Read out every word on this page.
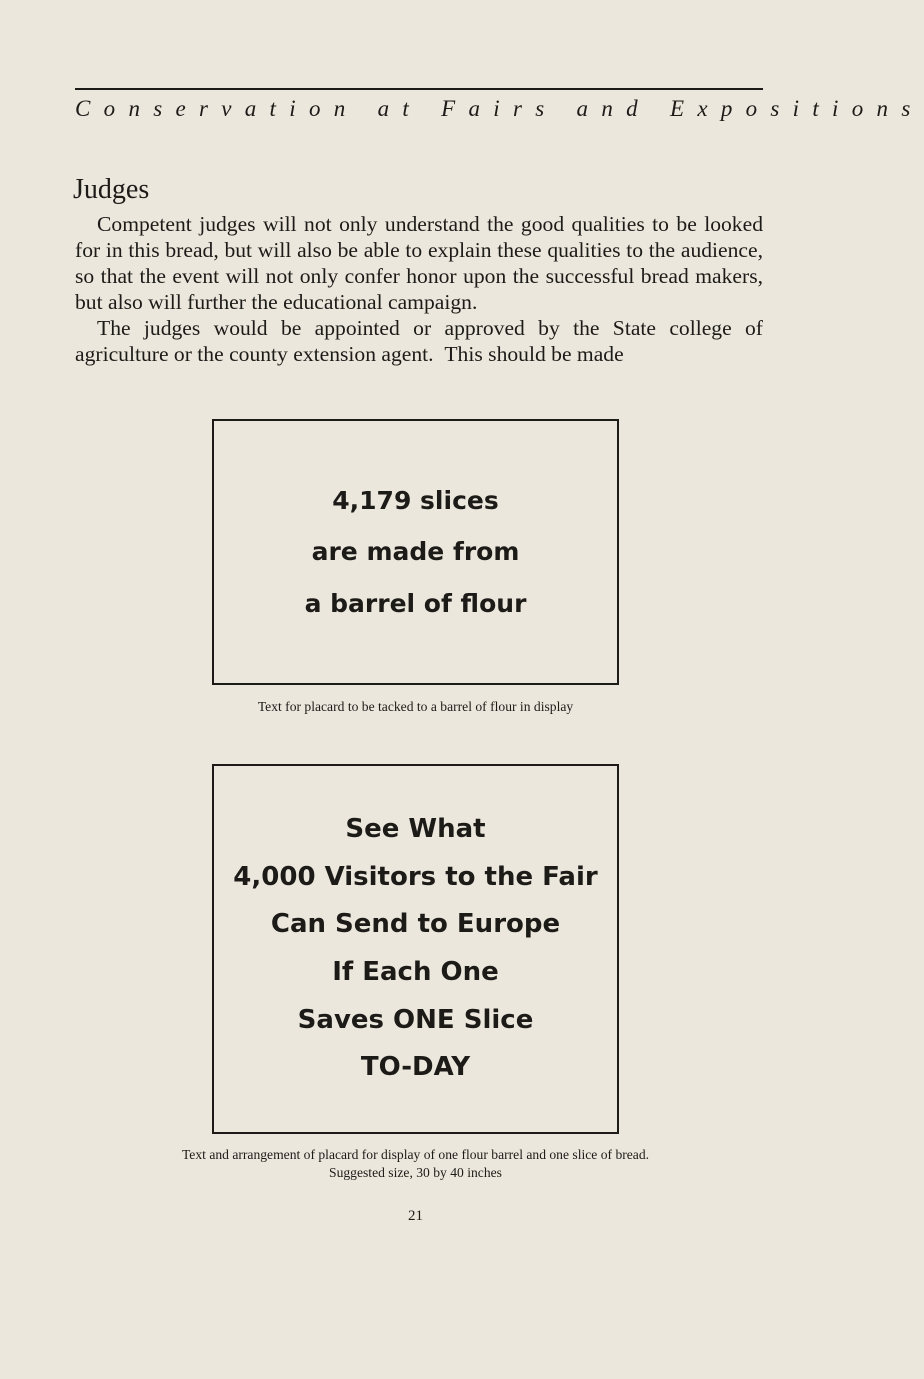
Conservation at Fairs and Expositions
Judges

Competent judges will not only understand the good qualities to be looked for in this bread, but will also be able to explain these qualities to the audience, so that the event will not only confer honor upon the successful bread makers, but also will further the educational campaign.

The judges would be appointed or approved by the State college of agriculture or the county extension agent.  This should be made

4,179 slices
are made from
a barrel of flour
Text for placard to be tacked to a barrel of flour in display
See What
4,000 Visitors to the Fair
Can Send to Europe
If Each One
Saves ONE Slice
TO-DAY
Text and arrangement of placard for display of one flour barrel and one slice of bread.
Suggested size, 30 by 40 inches
21
